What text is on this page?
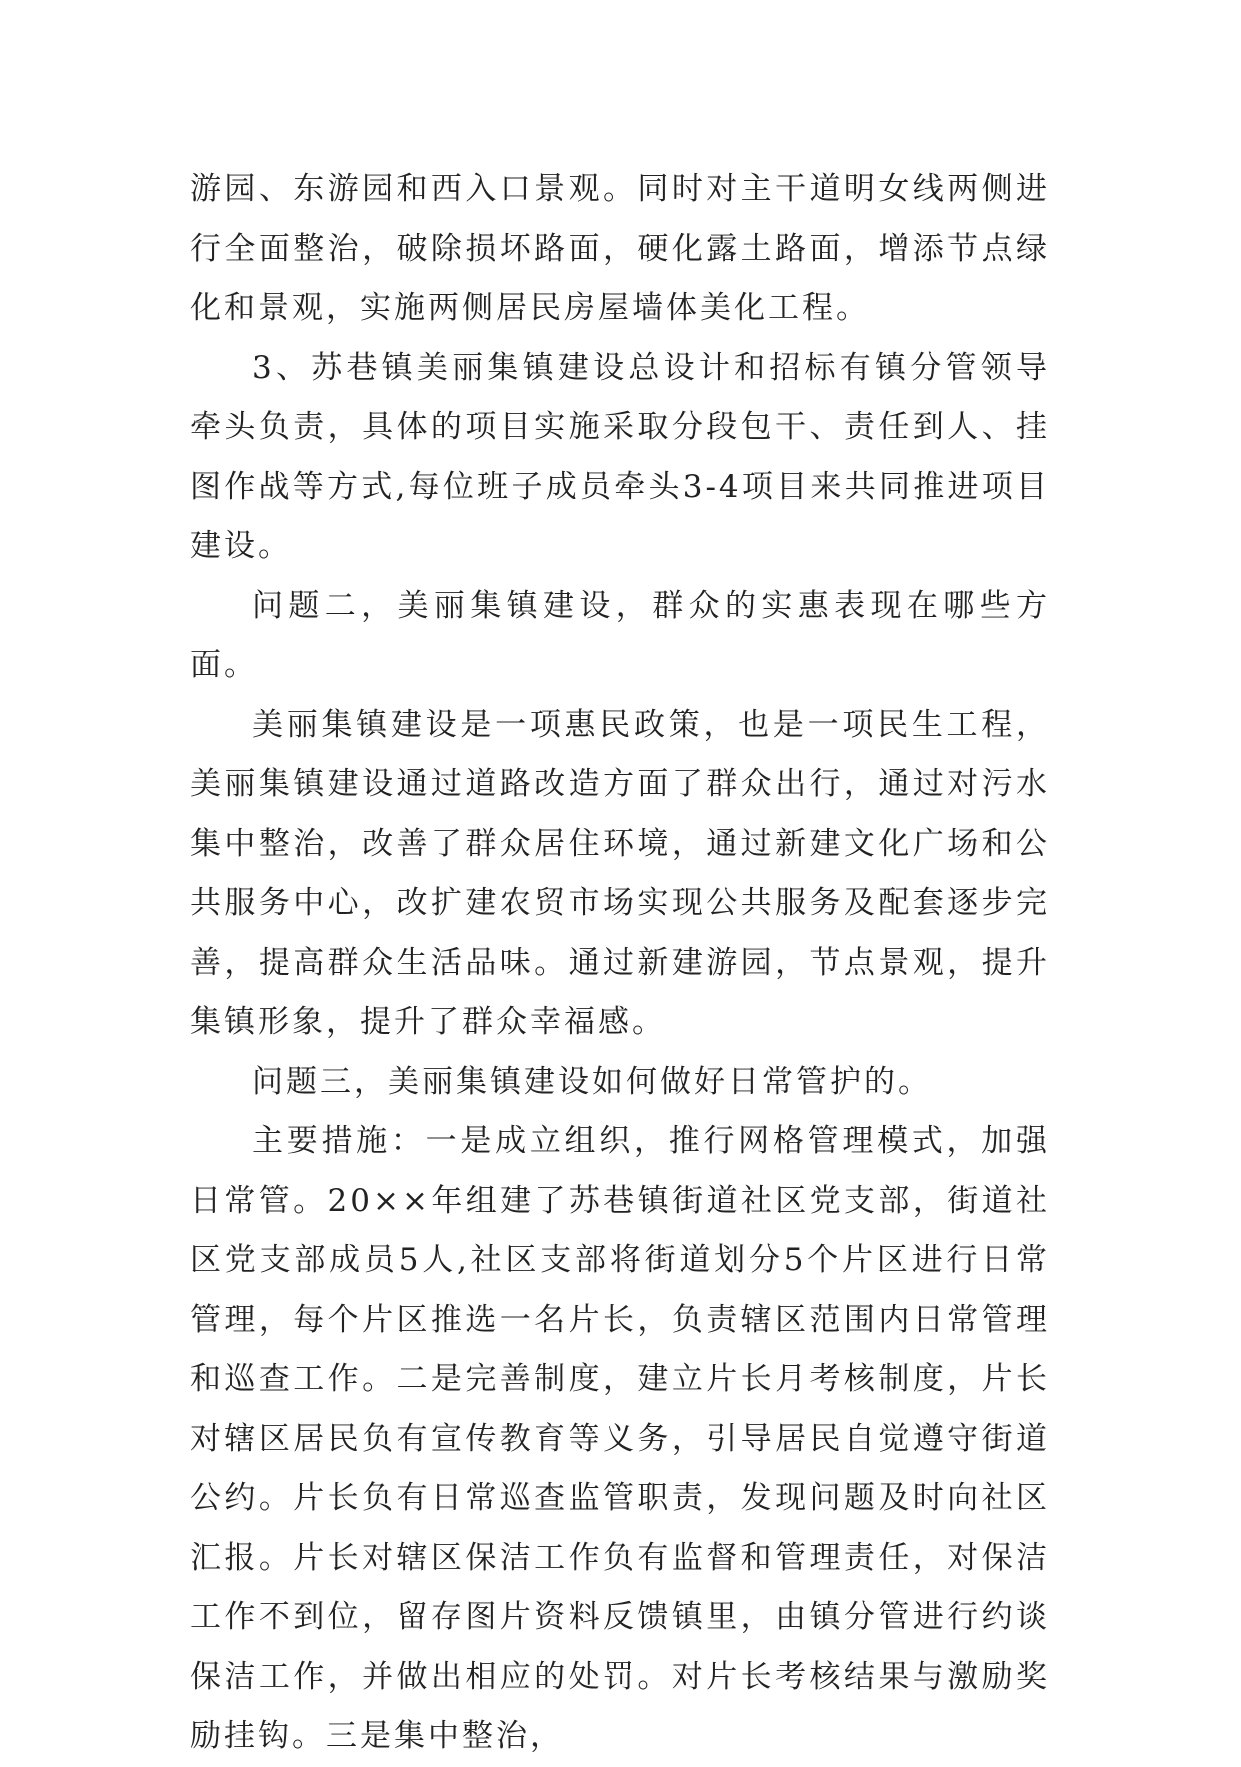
游园、东游园和西入口景观。同时对主干道明女线两侧进行全面整治，破除损坏路面，硬化露土路面，增添节点绿化和景观，实施两侧居民房屋墙体美化工程。

3、苏巷镇美丽集镇建设总设计和招标有镇分管领导牵头负责，具体的项目实施采取分段包干、责任到人、挂图作战等方式,每位班子成员牵头3-4项目来共同推进项目建设。

问题二，美丽集镇建设，群众的实惠表现在哪些方面。

美丽集镇建设是一项惠民政策，也是一项民生工程，美丽集镇建设通过道路改造方面了群众出行，通过对污水集中整治，改善了群众居住环境，通过新建文化广场和公共服务中心，改扩建农贸市场实现公共服务及配套逐步完善，提高群众生活品味。通过新建游园，节点景观，提升集镇形象，提升了群众幸福感。

问题三，美丽集镇建设如何做好日常管护的。

主要措施：一是成立组织，推行网格管理模式，加强日常管。20××年组建了苏巷镇街道社区党支部，街道社区党支部成员5人,社区支部将街道划分5个片区进行日常管理，每个片区推选一名片长，负责辖区范围内日常管理和巡查工作。二是完善制度，建立片长月考核制度，片长对辖区居民负有宣传教育等义务，引导居民自觉遵守街道公约。片长负有日常巡查监管职责，发现问题及时向社区汇报。片长对辖区保洁工作负有监督和管理责任，对保洁工作不到位，留存图片资料反馈镇里，由镇分管进行约谈保洁工作，并做出相应的处罚。对片长考核结果与激励奖励挂钩。三是集中整治，
